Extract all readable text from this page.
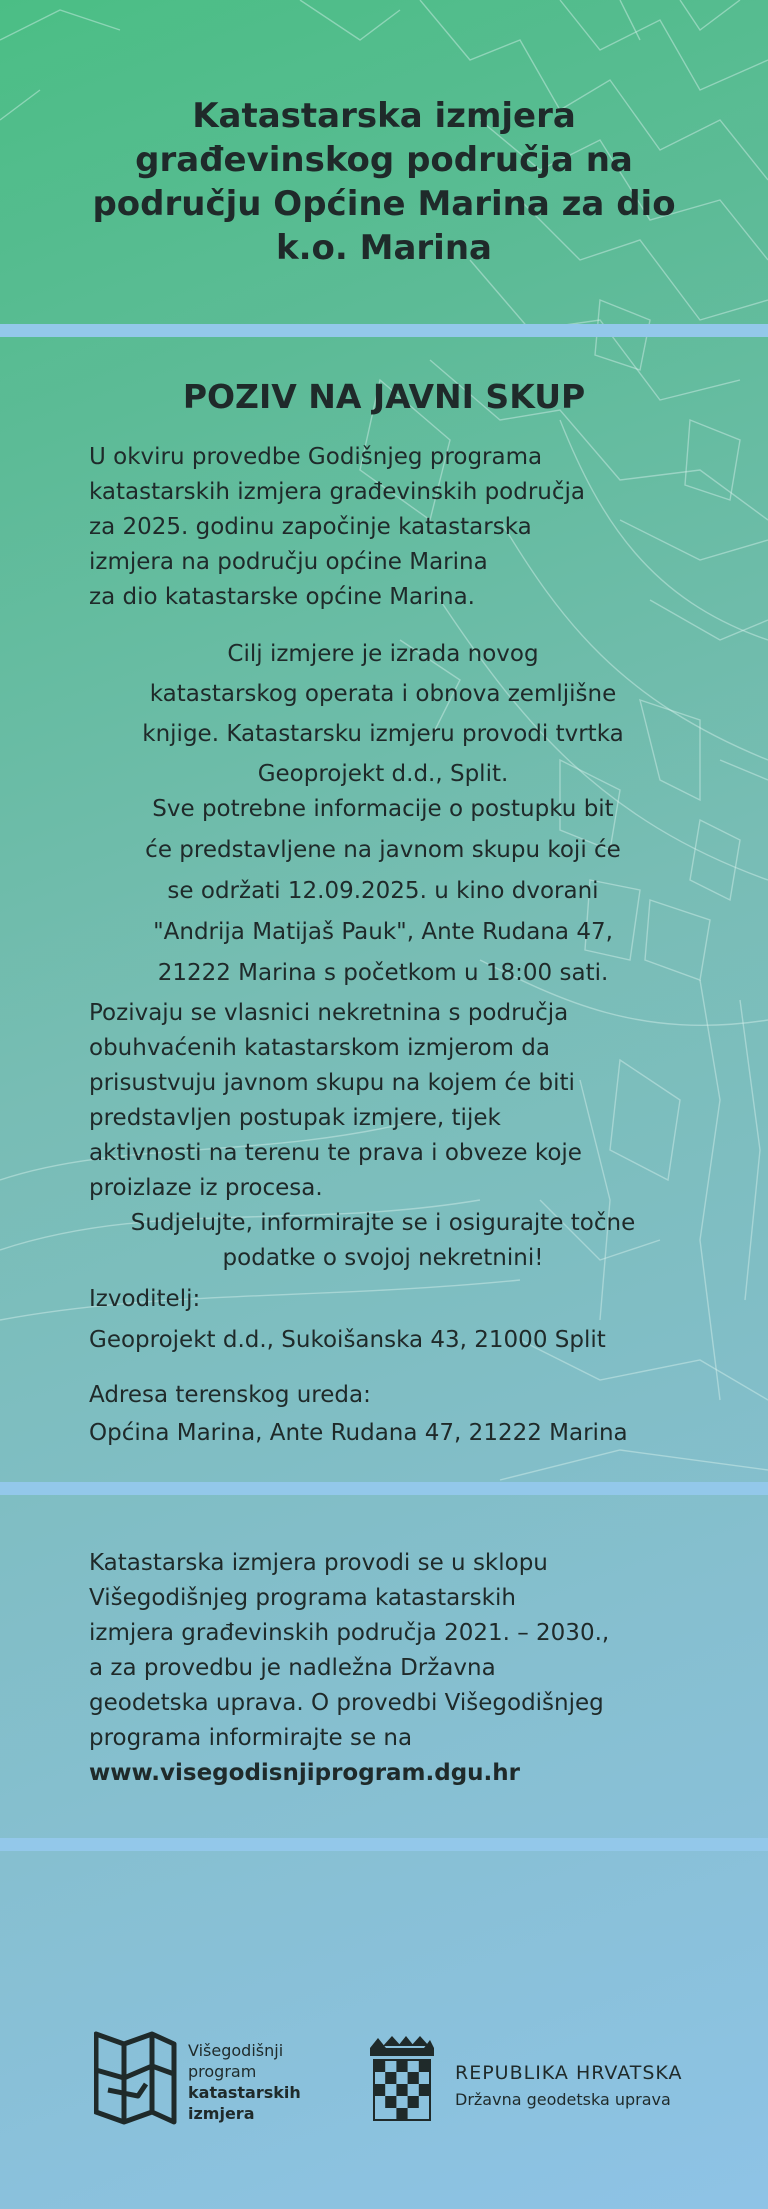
Katastarska izmjera
građevinskog područja na
području Općine Marina za dio
k.o. Marina
POZIV NA JAVNI SKUP
U okviru provedbe Godišnjeg programa
katastarskih izmjera građevinskih područja
za 2025. godinu započinje katastarska
izmjera na području općine Marina
za dio katastarske općine Marina.
Cilj izmjere je izrada novog
katastarskog operata i obnova zemljišne
knjige. Katastarsku izmjeru provodi tvrtka
Geoprojekt d.d., Split.
Sve potrebne informacije o postupku bit
će predstavljene na javnom skupu koji će
se održati 12.09.2025. u kino dvorani
"Andrija Matijaš Pauk", Ante Rudana 47,
21222 Marina s početkom u 18:00 sati.
Pozivaju se vlasnici nekretnina s područja
obuhvaćenih katastarskom izmjerom da
prisustvuju javnom skupu na kojem će biti
predstavljen postupak izmjere, tijek
aktivnosti na terenu te prava i obveze koje
proizlaze iz procesa.
Sudjelujte, informirajte se i osigurajte točne
podatke o svojoj nekretnini!
Izvoditelj:
Geoprojekt d.d., Sukoišanska 43, 21000 Split
Adresa terenskog ureda:
Općina Marina, Ante Rudana 47, 21222 Marina
Katastarska izmjera provodi se u sklopu
Višegodišnjeg programa katastarskih
izmjera građevinskih područja 2021. – 2030.,
a za provedbu je nadležna Državna
geodetska uprava. O provedbi Višegodišnjeg
programa informirajte se na
www.visegodisnjiprogram.dgu.hr
Višegodišnji
program
katastarskih
izmjera
REPUBLIKA HRVATSKA
Državna geodetska uprava
